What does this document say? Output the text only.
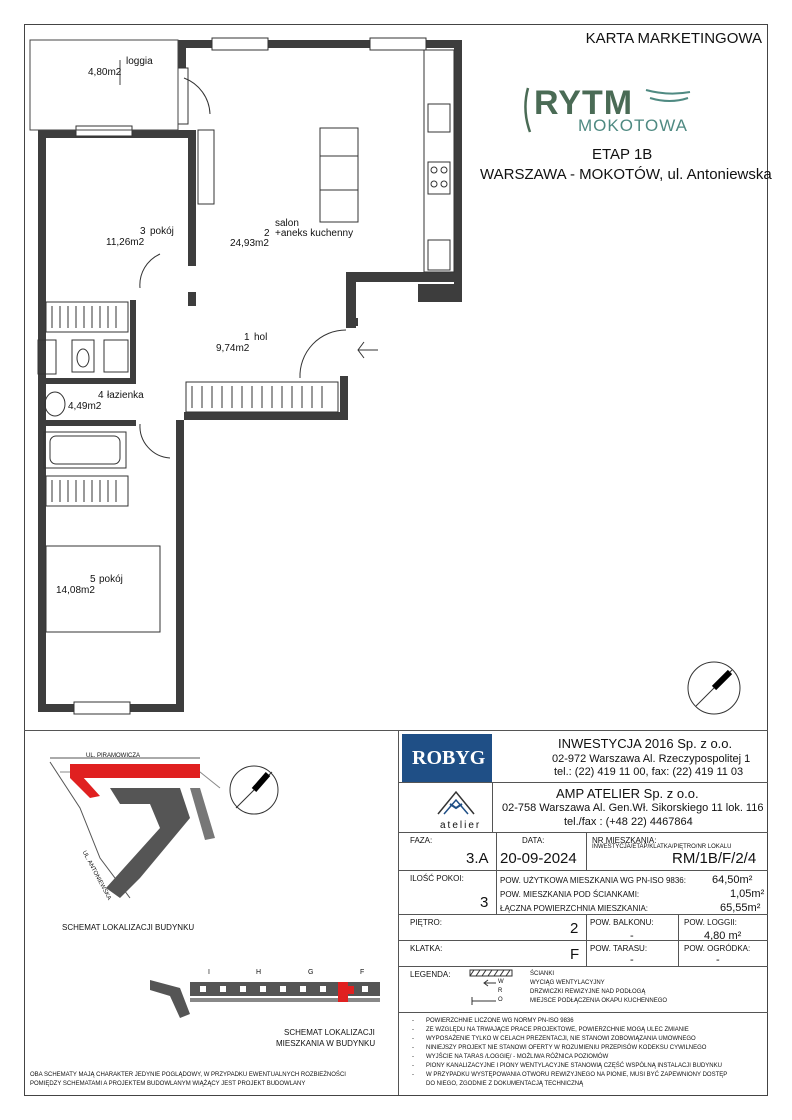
KARTA MARKETINGOWA
RYTM
MOKOTOWA
ETAP 1B
WARSZAWA - MOKOTÓW, ul. Antoniewska
loggia
4,80m2
3 pokój
11,26m2
salon
2 +aneks kuchenny
24,93m2
1 hol
9,74m2
4 łazienka
4,49m2
5 pokój
14,08m2
UL. PIRAMOWICZA
UL. ANTONIEWSKA
SCHEMAT LOKALIZACJI BUDYNKU
I	H	G	F
SCHEMAT LOKALIZACJI
MIESZKANIA W BUDYNKU
OBA SCHEMATY MAJĄ CHARAKTER JEDYNIE POGLĄDOWY, W PRZYPADKU EWENTUALNYCH ROZBIEŻNOŚCI
POMIĘDZY SCHEMATAMI A PROJEKTEM BUDOWLANYM WIĄŻĄCY JEST PROJEKT BUDOWLANY
ROBYG
INWESTYCJA 2016 Sp. z o.o.
02-972 Warszawa Al. Rzeczypospolitej 1
tel.: (22) 419 11 00, fax: (22) 419 11 03
atelier
AMP ATELIER Sp. z o.o.
02-758 Warszawa Al. Gen.Wł. Sikorskiego 11 lok. 116
tel./fax : (+48 22) 4467864
FAZA:
3.A
DATA:
20-09-2024
NR MIESZKANIA:
INWESTYCJA/ETAP/KLATKA/PIĘTRO/NR LOKALU
RM/1B/F/2/4
ILOŚĆ POKOI:
3
POW. UŻYTKOWA MIESZKANIA WG PN-ISO 9836: 64,50m²
POW. MIESZKANIA POD ŚCIANKAMI:	1,05m²
ŁĄCZNA POWIERZCHNIA MIESZKANIA:	65,55m²
PIĘTRO:	2 POW. BALKONU:
-
POW. LOGGII:
4,80 m²
KLATKA:	F POW. TARASU:
-
POW. OGRÓDKA:
-
LEGENDA:
W
R
O
ŚCIANKI
WYCIĄG WENTYLACYJNY
DRZWICZKI REWIZYJNE NAD PODŁOGĄ
MIEJSCE PODŁĄCZENIA OKAPU KUCHENNEGO
POWIERZCHNIE LICZONE WG NORMY PN-ISO 9836
ZE WZGLĘDU NA TRWAJĄCE PRACE PROJEKTOWE, POWIERZCHNIE MOGĄ ULEC ZMIANIE
WYPOSAŻENIE TYLKO W CELACH PREZENTACJI, NIE STANOWI ZOBOWIĄZANIA UMOWNEGO
NINIEJSZY PROJEKT NIE STANOWI OFERTY W ROZUMIENIU PRZEPISÓW KODEKSU CYWILNEGO
WYJŚCIE NA TARAS /LOGGIĘ/ - MOŻLIWA RÓŻNICA POZIOMÓW
PIONY KANALIZACYJNE I PIONY WENTYLACYJNE STANOWIĄ CZĘŚĆ WSPÓLNĄ INSTALACJI BUDYNKU
W PRZYPADKU WYSTĘPOWANIA OTWORU REWIZYJNEGO NA PIONIE, MUSI BYĆ ZAPEWNIONY DOSTĘP
DO NIEGO, ZGODNIE Z DOKUMENTACJĄ TECHNICZNĄ
-
-
-
-
-
-
-
